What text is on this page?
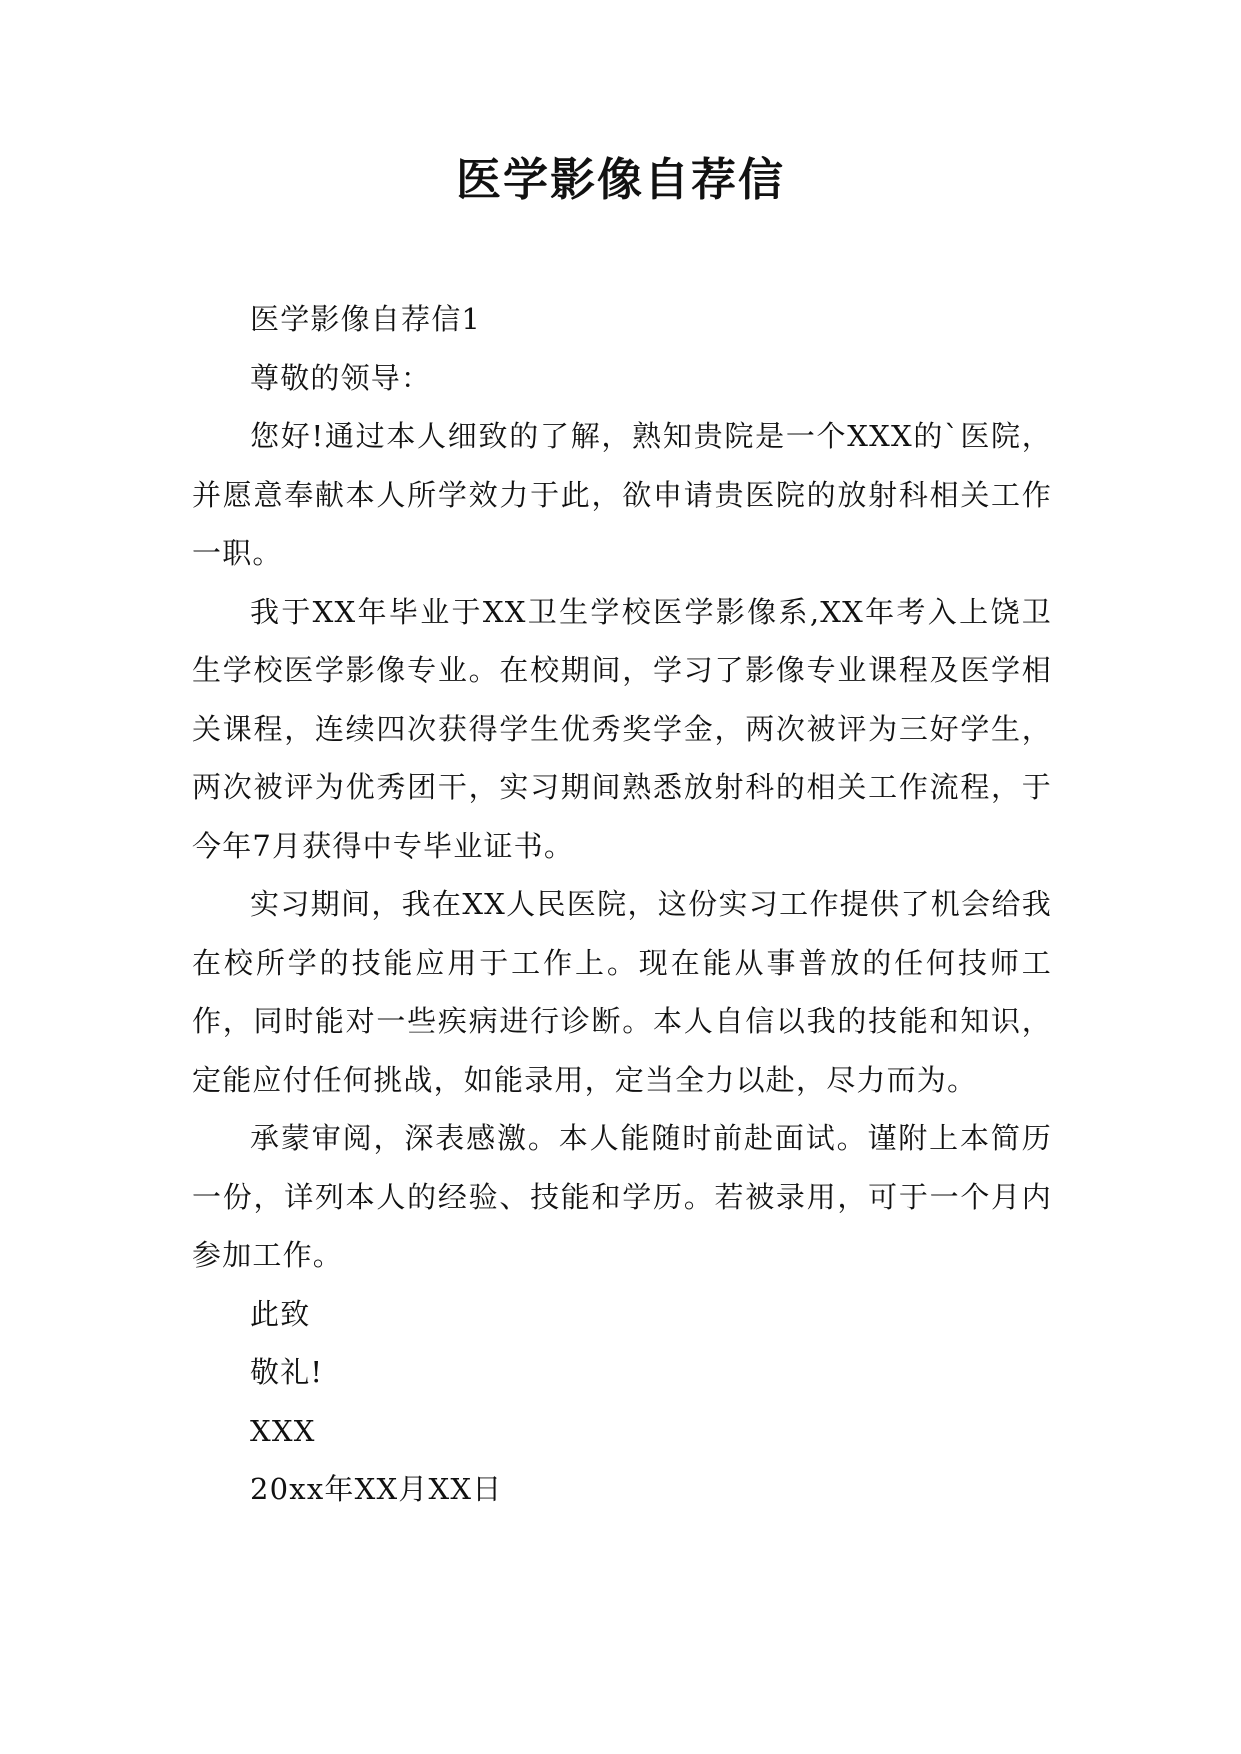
医学影像自荐信

医学影像自荐信1

尊敬的领导：

您好!通过本人细致的了解，熟知贵院是一个XXX的`医院，并愿意奉献本人所学效力于此，欲申请贵医院的放射科相关工作一职。

我于XX年毕业于XX卫生学校医学影像系,XX年考入上饶卫生学校医学影像专业。在校期间，学习了影像专业课程及医学相关课程，连续四次获得学生优秀奖学金，两次被评为三好学生，两次被评为优秀团干，实习期间熟悉放射科的相关工作流程，于今年7月获得中专毕业证书。

实习期间，我在XX人民医院，这份实习工作提供了机会给我在校所学的技能应用于工作上。现在能从事普放的任何技师工作，同时能对一些疾病进行诊断。本人自信以我的技能和知识，定能应付任何挑战，如能录用，定当全力以赴，尽力而为。

承蒙审阅，深表感激。本人能随时前赴面试。谨附上本简历一份，详列本人的经验、技能和学历。若被录用，可于一个月内参加工作。

此致

敬礼!

XXX

20xx年XX月XX日
